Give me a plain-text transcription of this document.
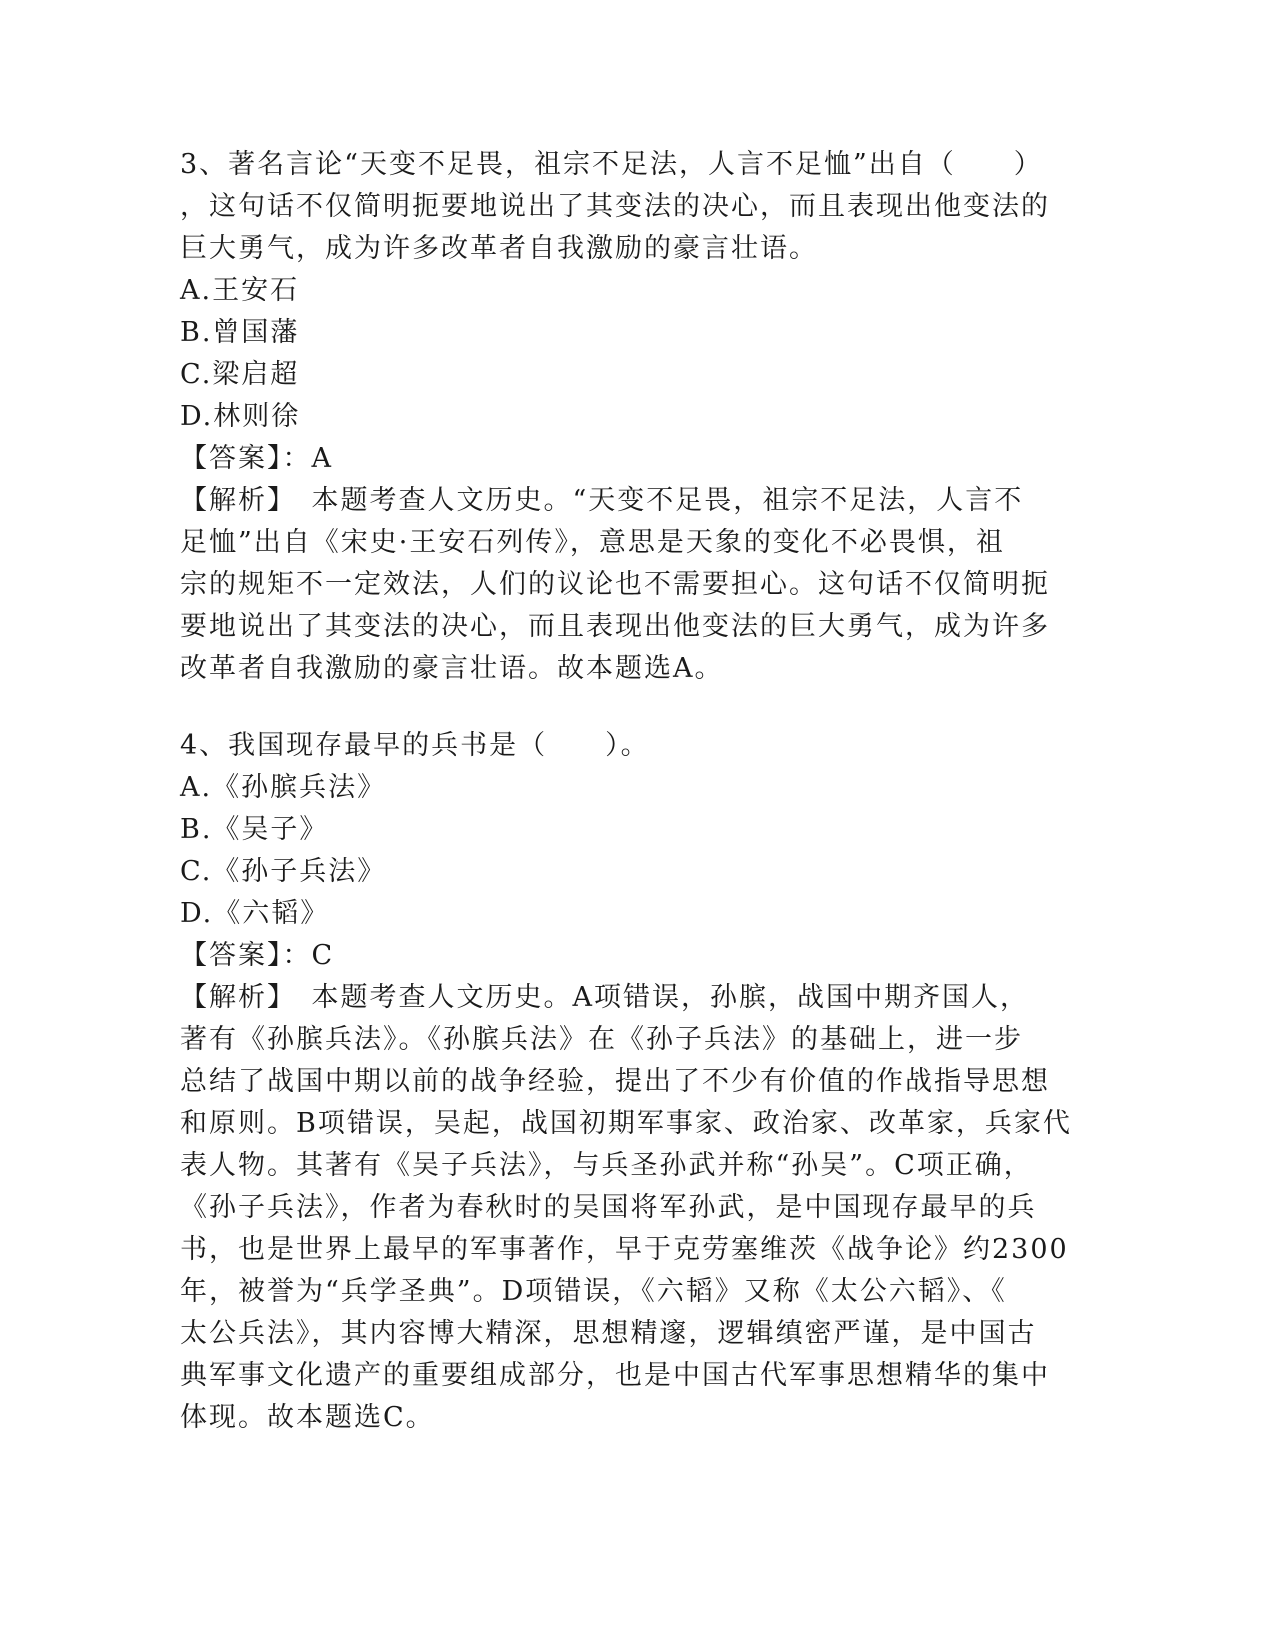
3、著名言论“天变不足畏，祖宗不足法，人言不足恤”出自（　　）
，这句话不仅简明扼要地说出了其变法的决心，而且表现出他变法的
巨大勇气，成为许多改革者自我激励的豪言壮语。
A.王安石
B.曾国藩
C.梁启超
D.林则徐
【答案】：A
【解析】　本题考查人文历史。“天变不足畏，祖宗不足法，人言不
足恤”出自《宋史·王安石列传》，意思是天象的变化不必畏惧，祖
宗的规矩不一定效法，人们的议论也不需要担心。这句话不仅简明扼
要地说出了其变法的决心，而且表现出他变法的巨大勇气，成为许多
改革者自我激励的豪言壮语。故本题选A。
4、我国现存最早的兵书是（　　）。
A.《孙膑兵法》
B.《吴子》
C.《孙子兵法》
D.《六韬》
【答案】：C
【解析】　本题考查人文历史。A项错误，孙膑，战国中期齐国人，
著有《孙膑兵法》。《孙膑兵法》在《孙子兵法》的基础上，进一步
总结了战国中期以前的战争经验，提出了不少有价值的作战指导思想
和原则。B项错误，吴起，战国初期军事家、政治家、改革家，兵家代
表人物。其著有《吴子兵法》，与兵圣孙武并称“孙吴”。C项正确，
《孙子兵法》，作者为春秋时的吴国将军孙武，是中国现存最早的兵
书，也是世界上最早的军事著作，早于克劳塞维茨《战争论》约2300
年，被誉为“兵学圣典”。D项错误，《六韬》又称《太公六韬》、《
太公兵法》，其内容博大精深，思想精邃，逻辑缜密严谨，是中国古
典军事文化遗产的重要组成部分，也是中国古代军事思想精华的集中
体现。故本题选C。
